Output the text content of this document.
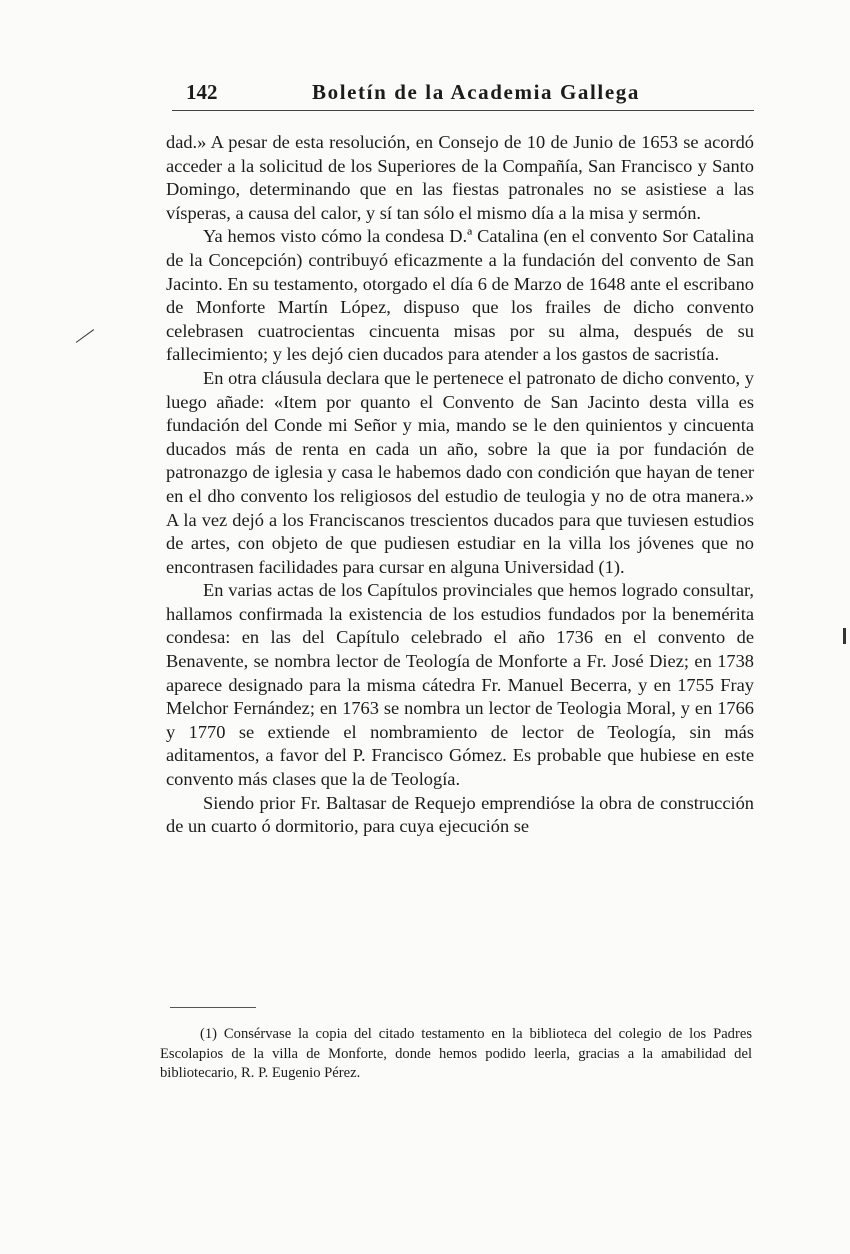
142	Boletín de la Academia Gallega

dad.» A pesar de esta resolución, en Consejo de 10 de Junio de 1653 se acordó acceder a la solicitud de los Superiores de la Compañía, San Francisco y Santo Domingo, determinando que en las fiestas patronales no se asistiese a las vísperas, a causa del calor, y sí tan sólo el mismo día a la misa y sermón.

Ya hemos visto cómo la condesa D.ª Catalina (en el convento Sor Catalina de la Concepción) contribuyó eficazmente a la fundación del convento de San Jacinto. En su testamento, otorgado el día 6 de Marzo de 1648 ante el escribano de Monforte Martín López, dispuso que los frailes de dicho convento celebrasen cuatrocientas cincuenta misas por su alma, después de su fallecimiento; y les dejó cien ducados para atender a los gastos de sacristía.

En otra cláusula declara que le pertenece el patronato de dicho convento, y luego añade: «Item por quanto el Convento de San Jacinto desta villa es fundación del Conde mi Señor y mia, mando se le den quinientos y cincuenta ducados más de renta en cada un año, sobre la que ia por fundación de patronazgo de iglesia y casa le habemos dado con condición que hayan de tener en el dho convento los religiosos del estudio de teulogia y no de otra manera.» A la vez dejó a los Franciscanos trescientos ducados para que tuviesen estudios de artes, con objeto de que pudiesen estudiar en la villa los jóvenes que no encontrasen facilidades para cursar en alguna Universidad (1).

En varias actas de los Capítulos provinciales que hemos logrado consultar, hallamos confirmada la existencia de los estudios fundados por la benemérita condesa: en las del Capítulo celebrado el año 1736 en el convento de Benavente, se nombra lector de Teología de Monforte a Fr. José Diez; en 1738 aparece designado para la misma cátedra Fr. Manuel Becerra, y en 1755 Fray Melchor Fernández; en 1763 se nombra un lector de Teologia Moral, y en 1766 y 1770 se extiende el nombramiento de lector de Teología, sin más aditamentos, a favor del P. Francisco Gómez. Es probable que hubiese en este convento más clases que la de Teología.

Siendo prior Fr. Baltasar de Requejo emprendióse la obra de construcción de un cuarto ó dormitorio, para cuya ejecución se

(1) Consérvase la copia del citado testamento en la biblioteca del colegio de los Padres Escolapios de la villa de Monforte, donde hemos podido leerla, gracias a la amabilidad del bibliotecario, R. P. Eugenio Pérez.
